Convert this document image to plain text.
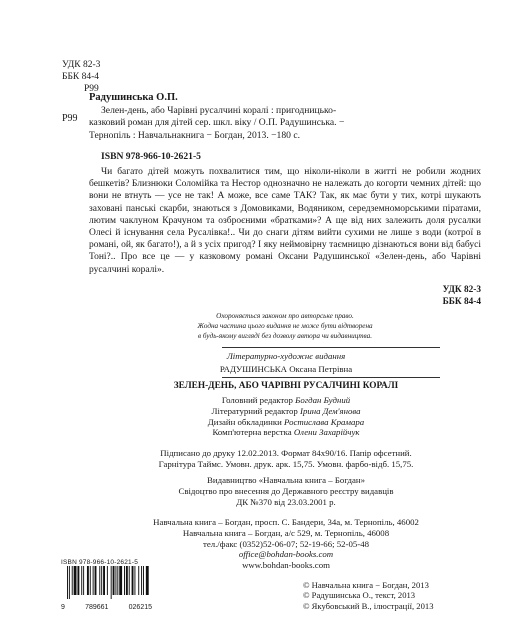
УДК 82-3
ББК 84-4
Р99
Р99
Радушинська О.П.
Зелен-день, або Чарівні русалчині коралі : пригодницько-
казковий роман для дітей сер. шкл. віку / О.П. Радушинська. −
Тернопіль : Навчальнакнига − Богдан, 2013. −180 с.
ISBN 978-966-10-2621-5

Чи багато дітей можуть похвалитися тим, що ніколи-ніколи в житті не робили жодних бешкетів? Близнюки Соломійка та Нестор однозначно не належать до когорти чемних дітей: що вони не втнуть — усе не так! А може, все саме ТАК? Так, як має бути у тих, котрі шукають заховані панські скарби, знаються з Домовиками, Водяником, середземноморськими піратами, лютим чаклуном Крачуном та озброєними «братками»? А ще від них залежить доля русалки Олесі й існування села Русалівка!.. Чи до снаги дітям вийти сухими не лише з води (котрої в романі, ой, як багато!), а й з усіх пригод? І яку неймовірну таємницю дізнаються вони від бабусі Тоні?.. Про все це — у казковому романі Оксани Радушинської «Зелен-день, або Чарівні русалчині коралі».

УДК 82-3
ББК 84-4
Охороняється законом про авторське право.
Жодна частина цього видання не може бути відтворена
в будь-якому вигляді без дозволу автора чи видавництва.
Літературно-художнє видання
РАДУШИНСЬКА Оксана Петрівна
ЗЕЛЕН-ДЕНЬ, АБО ЧАРІВНІ РУСАЛЧИНІ КОРАЛІ
Головний редактор Богдан Будний
Літературний редактор Ірина Дем'янова
Дизайн обкладинки Ростислава Крамара
Комп'ютерна верстка Олени Захарійчук
Підписано до друку 12.02.2013. Формат 84х90/16. Папір офсетний.
Гарнітура Таймс. Умовн. друк. арк. 15,75. Умовн. фарбо-відб. 15,75.
Видавництво «Навчальна книга – Богдан»
Свідоцтво про внесення до Державного реєстру видавців
ДК №370 від 23.03.2001 р.
Навчальна книга – Богдан, просп. С. Бандери, 34а, м. Тернопіль, 46002
Навчальна книга – Богдан, а/с 529, м. Тернопіль, 46008
тел./факс (0352)52-06-07; 52-19-66; 52-05-48
office@bohdan-books.com
www.bohdan-books.com
ISBN 978-966-10-2621-5
9	789661	026215
© Навчальна книга − Богдан, 2013
© Радушинська О., текст, 2013
© Якубовський В., ілюстрації, 2013
